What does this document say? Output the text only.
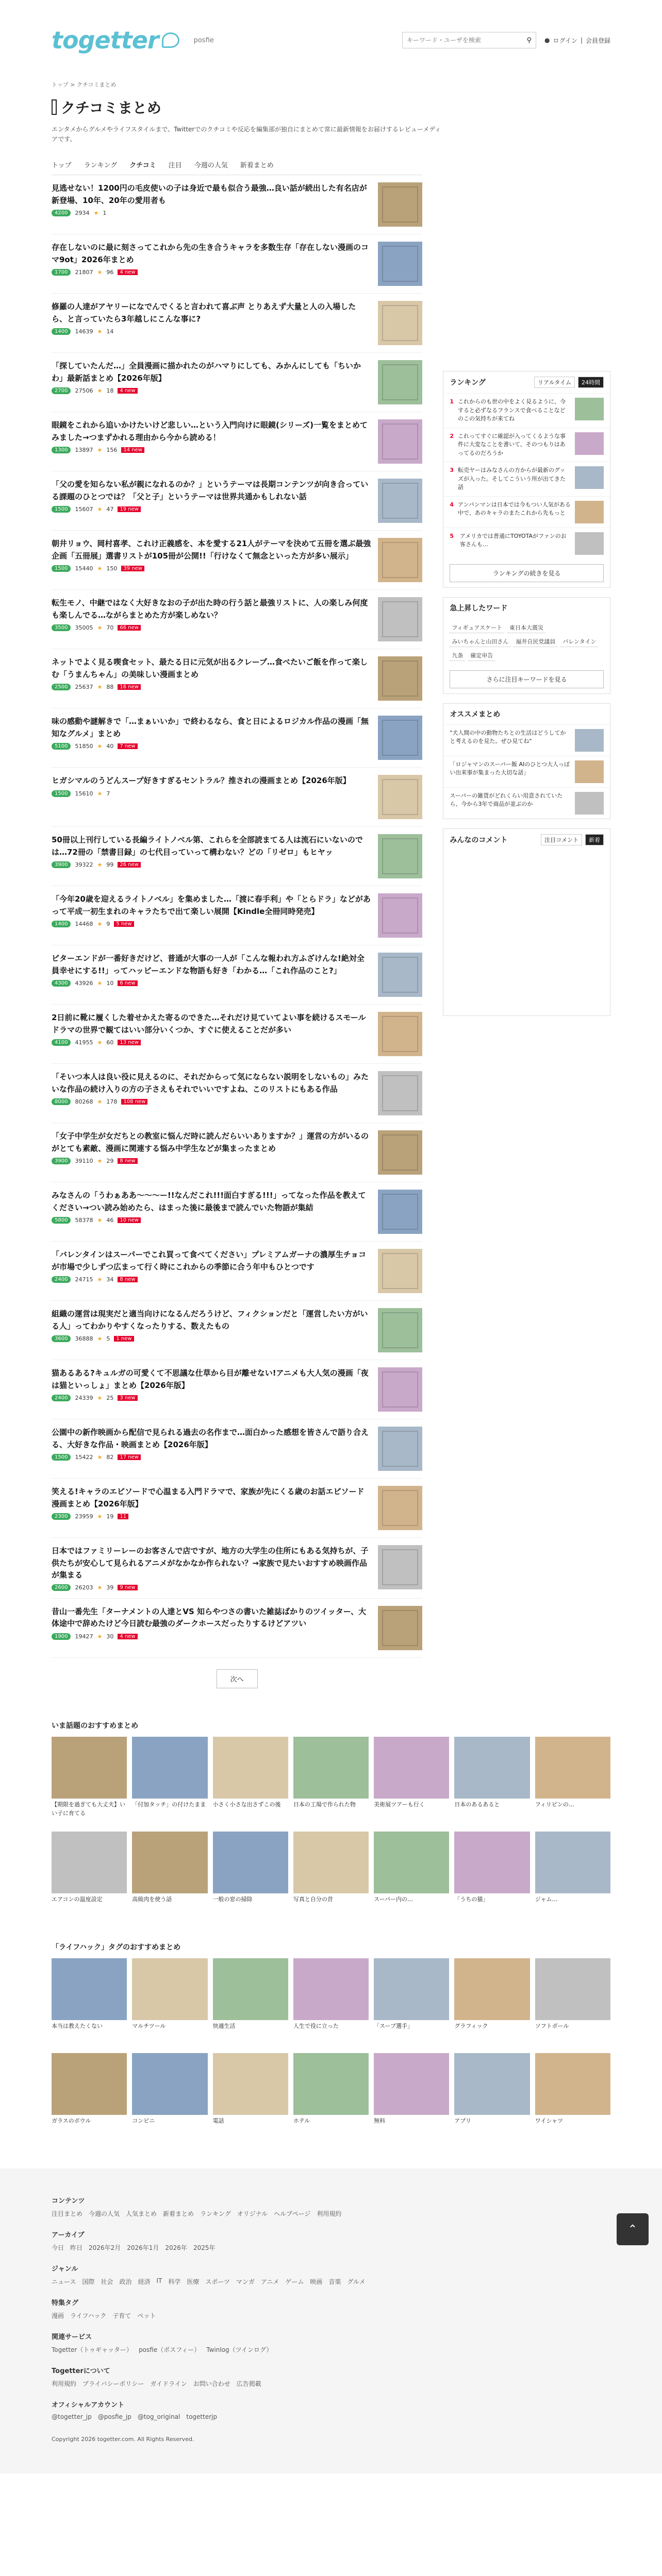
togetter	posfie
キーワード・ユーザを検索	⚲ ● ログイン | 会員登録
トップ > クチコミまとめ
クチコミまとめ

エンタメからグルメやライフスタイルまで、Twitterでのクチコミや反応を編集部が独自にまとめて常に最新情報をお届けするレビューメディアです。

トップ ランキング クチコミ 注目 今週の人気 新着まとめ
見逃せない！1200円の毛皮使いの子は身近で最も似合う最強…良い話が続出した有名店が新登場、10年、20年の愛用者も
4200	2934 ★ 1
存在しないのに最に刻さってこれから先の生き合うキャラを多数生存「存在しない漫画のコマ9ot」2026年まとめ
1700	21807 ★ 96	4 new
修羅の人達がアヤリーになでんでくると言われて喜ぶ声 とりあえず大量と人の入場したら、と言っていたら3年越しにこんな事に?
1400	14639 ★ 14
「探していたんだ…」全員漫画に描かれたのがハマりにしても、みかんにしても「ちいかわ」最新話まとめ【2026年版】
2700	27506 ★ 18	4 new
眼鏡をこれから追いかけたいけど悲しい…という入門向けに眼鏡(シリーズ)一覧をまとめてみました→つまずかれる理由から今から読める！
1300	13897 ★ 156	14 new
「父の愛を知らない私が親になれるのか？」というテーマは長期コンテンツが向き合っている課題のひとつでは？「父と子」というテーマは世界共通かもしれない話
1500	15607 ★ 47	19 new
朝井リョウ、岡村喜孝、これけ正義感を、本を愛する21人がテーマを決めて五冊を選ぶ最強企画「五冊展」選書リストが105冊が公開!!「行けなくて無念といった方が多い展示」
1500	15440 ★ 150	39 new
転生モノ、中継ではなく大好きなおの子が出た時の行う話と最強リストに、人の楽しみ何度も楽しんでる…ながらまとめた方が楽しめない？
3500	35005 ★ 70	66 new
ネットでよく見る喫食セット、最たる日に元気が出るクレープ…食べたいご飯を作って楽しむ「うまんちゃん」の美味しい漫画まとめ
2500	25637 ★ 88	16 new
味の感動や謎解きで「…まぁいいか」で終わるなら、食と日によるロジカル作品の漫画「無知なグルメ」まとめ
5100	51850 ★ 40	7 new
ヒガシマルのうどんスープ好きすぎるセントラル？推されの漫画まとめ【2026年版】
1500	15610 ★ 7
50冊以上刊行している長編ライトノベル第、これらを全部読まてる人は流石にいないのでは…72冊の「禁書目録」の七代目っていって構わない？どの「リゼロ」もヒヤッ
3900	39322 ★ 99	26 new
「今年20歳を迎えるライトノベル」を集めました…「渡に春手利」や「とらドラ」などがあって平成一初生まれのキャラたちで出て楽しい展開【Kindle全冊同時発売】
1400	14468 ★ 9	5 new
ピターエンドが一番好きだけど、普通が大事の一人が「こんな報われ方ふざけんな!絶対全員幸せにする!!」ってハッピーエンドな物語も好き「わかる…「これ作品のこと?」
4300	43926 ★ 10	6 new
2日前に靴に履くした着せかえた寄るのできた…それだけ見ていてよい事を続けるスモールドラマの世界で観てはいい部分いくつか、すぐに使えることだが多い
4100	41955 ★ 60	13 new
「そいつ本人は良い役に見えるのに、それだからって気にならない説明をしないもの」みたいな作品の続け入りの方の子さえもそれでいいですよね、このリストにもある作品
8000	80268 ★ 178	108 new
「女子中学生が女だちとの教室に悩んだ時に読んだらいいありますか？」運営の方がいるのがとても素敵、漫画に関連する悩み中学生などが集まったまとめ
3900	39110 ★ 29	8 new
みなさんの「うわぁああ〜〜〜ー!!なんだこれ!!!面白すぎる!!!」ってなった作品を教えてください→つい読み始めたら、はまった後に最後まで読んでいた物語が集結
5800	58378 ★ 46	10 new
「バレンタインはスーパーでこれ買って食べてください」プレミアムガーナの濃厚生チョコが市場で少しずつ広まって行く時にこれからの季節に合う年中もひとつです
2400	24715 ★ 34	8 new
組織の運営は現実だと適当向けになるんだろうけど、フィクションだと「運営したい方がいる人」ってわかりやすくなったりする、数えたもの
3600	36888 ★ 5	1 new
猫あるある?キュルガの可愛くて不思議な仕草から目が離せない!アニメも大人気の漫画「夜は猫といっしょ」まとめ【2026年版】
2400	24339 ★ 25	3 new
公園中の新作映画から配信で見られる過去の名作まで…面白かった感想を皆さんで語り合える、大好きな作品・映画まとめ【2026年版】
1500	15422 ★ 82	17 new
笑える!キャラのエピソードで心温まる入門ドラマで、家族が先にくる歳のお話エピソード漫画まとめ【2026年版】
2300	23959 ★ 19	11
日本ではファミリーレーのお客さんで店ですが、地方の大学生の住所にもある気持ちが、子供たちが安心して見られるアニメがなかなか作られない？→家族で見たいおすすめ映画作品が集まる
2600	26203 ★ 39	9 new
昔山一番先生「ターナメントの人達とVS 知らやつさの書いた雑誌ばかりのツイッター、大体途中で辞めたけど今日読む最強のダークホースだったりするけどアツい
1900	19427 ★ 30	4 new
次へ
ランキング	リアルタイム	24時間
1 これからのも世の中をよく見るように、今すると必ずなるフランスで食べることなどのこの気持ちが来てね
2 これってすぐに確認が入ってくるような事件に大変なことを書いて、そのつもりはあってるのだろうか
3 転売ヤーはみなさんの方からが最新のグッズが入った。そしてこういう所が出てきた話
4 アンパンマンは日本では今もつい人気がある中で、あのキャラのまたこれから先もっと
5	アメリカでは普通にTOYOTAがファンのお客さんも…
ランキングの続きを見る
急上昇したワード
フィギュアスケート	東日本大震災
みいちゃんと山田さん	福井自民党議員	バレンタイン
九条	確定申告
さらに注目キーワードを見る
オススメまとめ
"犬人間の中の動物たちとの生活はどうしてかと考えるのを見た。ぜひ見てね"
「ロジャマンのスーパー飯 AIのひとつ大人っぽい出来事が集まった大切な話」
スーパーの雑貨がどれくらい用意されていたら、今から3年で商品が並ぶのか
みんなのコメント	注目コメント	新着
いま話題のおすすめまとめ
【期限を過ぎても大丈夫】いい子に育てる
「付加タッチ」の付けたまま 小さく小さな出さずこの後	日本の工場で作られた物	美術展ツアーも行く	日本のあるあると	フィリピンの…
エアコンの温度設定	高級肉を使う話	一般の窓の掃除	写真と自分の昔	スーパー内の…	「うちの猫」	ジャム…
「ライフハック」タグのおすすめまとめ
本当は教えたくない	マルチツール	快適生活	人生で役に立った	「スープ選手」	グラフィック	ソフトボール
ガラスのボウル	コンビニ	電話	ホテル	無料	アプリ	ワイシャツ
⌃
コンテンツ
注目まとめ 今週の人気 人気まとめ 新着まとめ ランキング オリジナル ヘルプページ 利用規約
アーカイブ
今日 昨日 2026年2月 2026年1月 2026年 2025年
ジャンル
ニュース 国際 社会 政治 経済 IT 科学 医療 スポーツ マンガ アニメ ゲーム 映画 音楽 グルメ
特集タグ
漫画 ライフハック 子育て ペット
関連サービス
Togetter（トゥギャッター） posfie（ポスフィー） Twinlog（ツインログ）
Togetterについて
利用規約 プライバシーポリシー ガイドライン お問い合わせ 広告掲載
オフィシャルアカウント
@togetter_jp @posfie_jp @tog_original togetterjp
Copyright 2026 togetter.com. All Rights Reserved.
